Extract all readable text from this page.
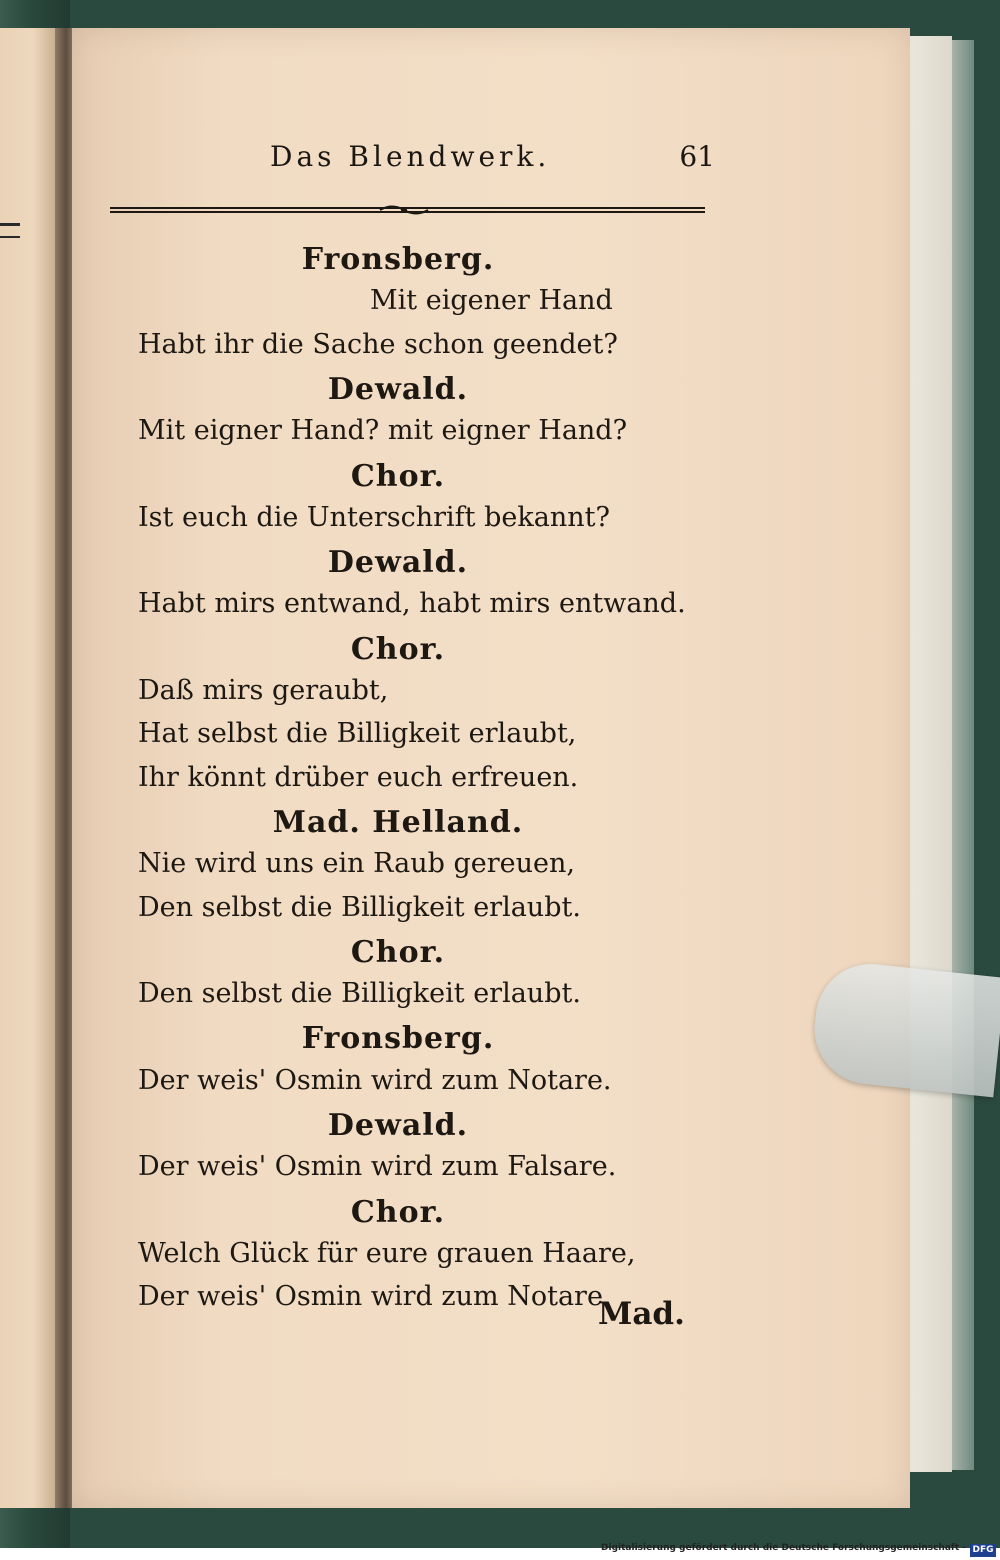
Das Blendwerk.	61
Fronsberg.
Mit eigener Hand
Habt ihr die Sache schon geendet?
Dewald.
Mit eigner Hand? mit eigner Hand?
Chor.
Ist euch die Unterschrift bekannt?
Dewald.
Habt mirs entwand, habt mirs entwand.
Chor.
Daß mirs geraubt,
Hat selbst die Billigkeit erlaubt,
Ihr könnt drüber euch erfreuen.
Mad. Helland.
Nie wird uns ein Raub gereuen,
Den selbst die Billigkeit erlaubt.
Chor.
Den selbst die Billigkeit erlaubt.
Fronsberg.
Der weis' Osmin wird zum Notare.
Dewald.
Der weis' Osmin wird zum Falsare.
Chor.
Welch Glück für eure grauen Haare,
Der weis' Osmin wird zum Notare.
Mad.
Digitalisierung gefördert durch die Deutsche Forschungsgemeinschaft - DFG
